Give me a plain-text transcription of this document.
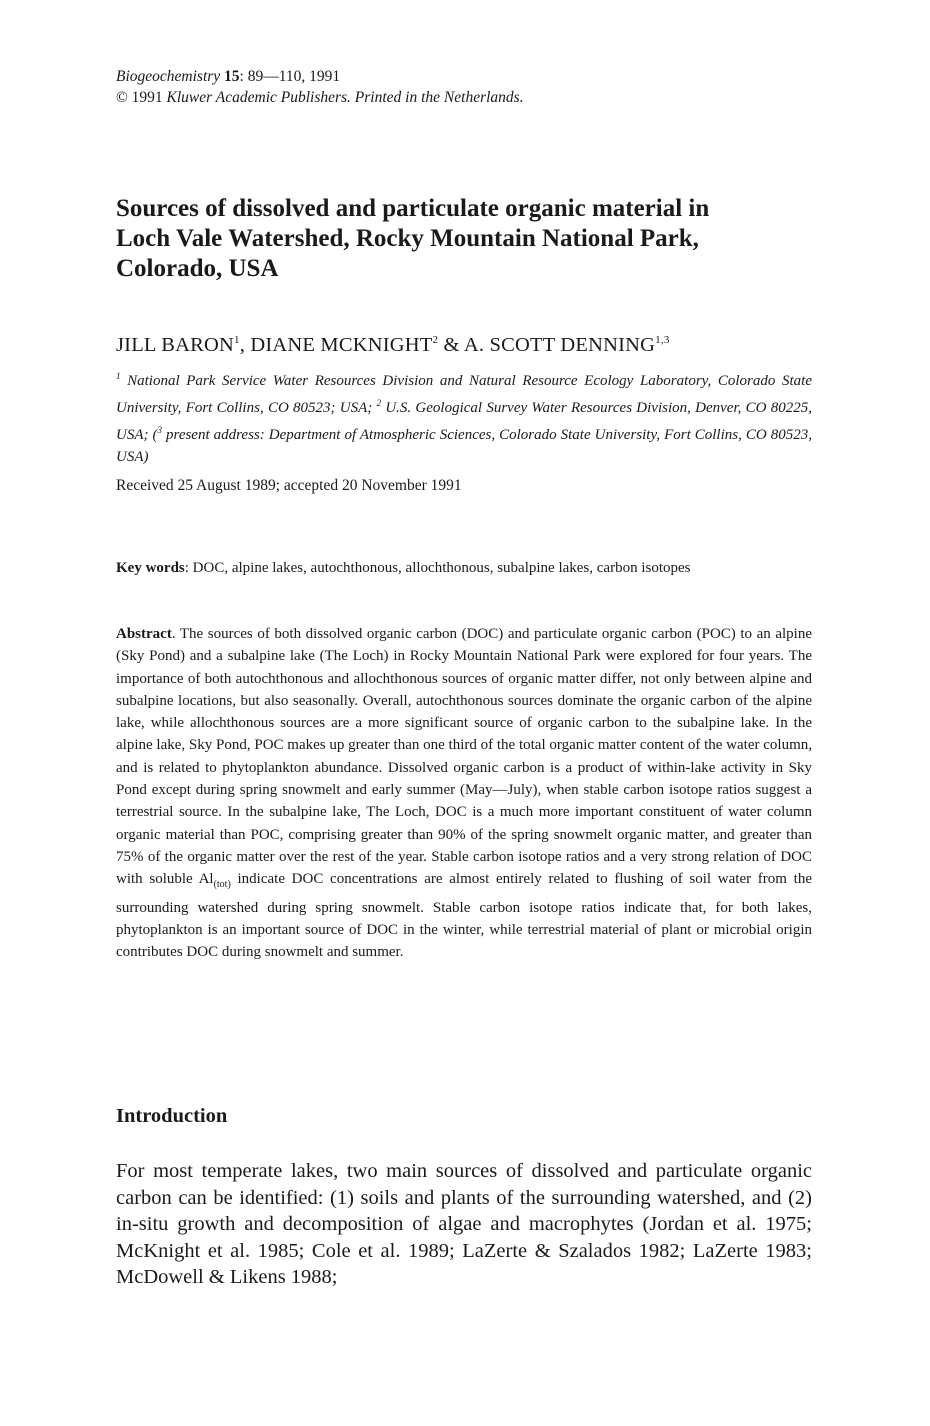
Biogeochemistry 15: 89—110, 1991
© 1991 Kluwer Academic Publishers. Printed in the Netherlands.
Sources of dissolved and particulate organic material in
Loch Vale Watershed, Rocky Mountain National Park,
Colorado, USA
JILL BARON$^1$, DIANE MCKNIGHT$^2$ & A. SCOTT DENNING$^{1,3}$
$^1$ National Park Service Water Resources Division and Natural Resource Ecology Laboratory, Colorado State University, Fort Collins, CO 80523; USA; $^2$ U.S. Geological Survey Water Resources Division, Denver, CO 80225, USA; ($^3$ present address: Department of Atmospheric Sciences, Colorado State University, Fort Collins, CO 80523, USA)
Received 25 August 1989; accepted 20 November 1991
Key words: DOC, alpine lakes, autochthonous, allochthonous, subalpine lakes, carbon isotopes
Abstract. The sources of both dissolved organic carbon (DOC) and particulate organic carbon (POC) to an alpine (Sky Pond) and a subalpine lake (The Loch) in Rocky Mountain National Park were explored for four years. The importance of both autochthonous and allochthonous sources of organic matter differ, not only between alpine and subalpine locations, but also seasonally. Overall, autochthonous sources dominate the organic carbon of the alpine lake, while allochthonous sources are a more significant source of organic carbon to the subalpine lake. In the alpine lake, Sky Pond, POC makes up greater than one third of the total organic matter content of the water column, and is related to phytoplankton abundance. Dissolved organic carbon is a product of within-lake activity in Sky Pond except during spring snowmelt and early summer (May—July), when stable carbon isotope ratios suggest a terrestrial source. In the subalpine lake, The Loch, DOC is a much more important constituent of water column organic material than POC, comprising greater than 90% of the spring snowmelt organic matter, and greater than 75% of the organic matter over the rest of the year. Stable carbon isotope ratios and a very strong relation of DOC with soluble $Al_{(tot)}$ indicate DOC concentrations are almost entirely related to flushing of soil water from the surrounding watershed during spring snowmelt. Stable carbon isotope ratios indicate that, for both lakes, phytoplankton is an important source of DOC in the winter, while terrestrial material of plant or microbial origin contributes DOC during snowmelt and summer.
Introduction
For most temperate lakes, two main sources of dissolved and particulate organic carbon can be identified: (1) soils and plants of the surrounding watershed, and (2) in-situ growth and decomposition of algae and macrophytes (Jordan et al. 1975; McKnight et al. 1985; Cole et al. 1989; LaZerte & Szalados 1982; LaZerte 1983; McDowell & Likens 1988;
